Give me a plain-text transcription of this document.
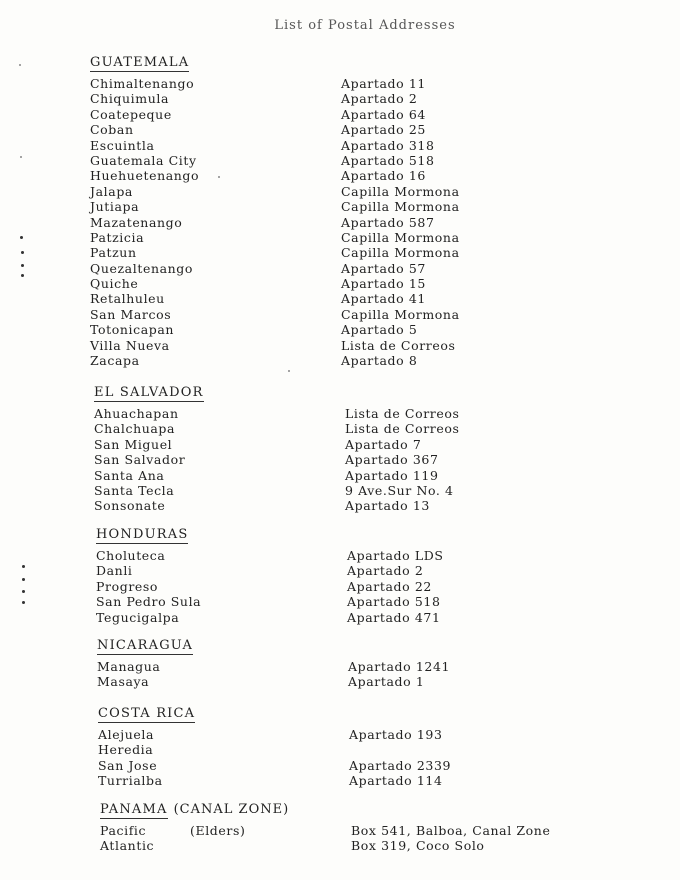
List of Postal Addresses
GUATEMALA
Chimaltenango	Apartado 11
Chiquimula	Apartado 2
Coatepeque	Apartado 64
Coban	Apartado 25
Escuintla	Apartado 318
Guatemala City	Apartado 518
Huehuetenango	Apartado 16
Jalapa	Capilla Mormona
Jutiapa	Capilla Mormona
Mazatenango	Apartado 587
Patzicia	Capilla Mormona
Patzun	Capilla Mormona
Quezaltenango	Apartado 57
Quiche	Apartado 15
Retalhuleu	Apartado 41
San Marcos	Capilla Mormona
Totonicapan	Apartado 5
Villa Nueva	Lista de Correos
Zacapa	Apartado 8
EL SALVADOR
Ahuachapan	Lista de Correos
Chalchuapa	Lista de Correos
San Miguel	Apartado 7
San Salvador	Apartado 367
Santa Ana	Apartado 119
Santa Tecla	9 Ave.Sur No. 4
Sonsonate	Apartado 13
HONDURAS
Choluteca	Apartado LDS
Danli	Apartado 2
Progreso	Apartado 22
San Pedro Sula	Apartado 518
Tegucigalpa	Apartado 471
NICARAGUA
Managua	Apartado 1241
Masaya	Apartado 1
COSTA RICA
Alejuela	Apartado 193
Heredia
San Jose	Apartado 2339
Turrialba	Apartado 114
PANAMA (CANAL ZONE)
Pacific	(Elders)	Box 541, Balboa, Canal Zone
Atlantic	Box 319, Coco Solo
